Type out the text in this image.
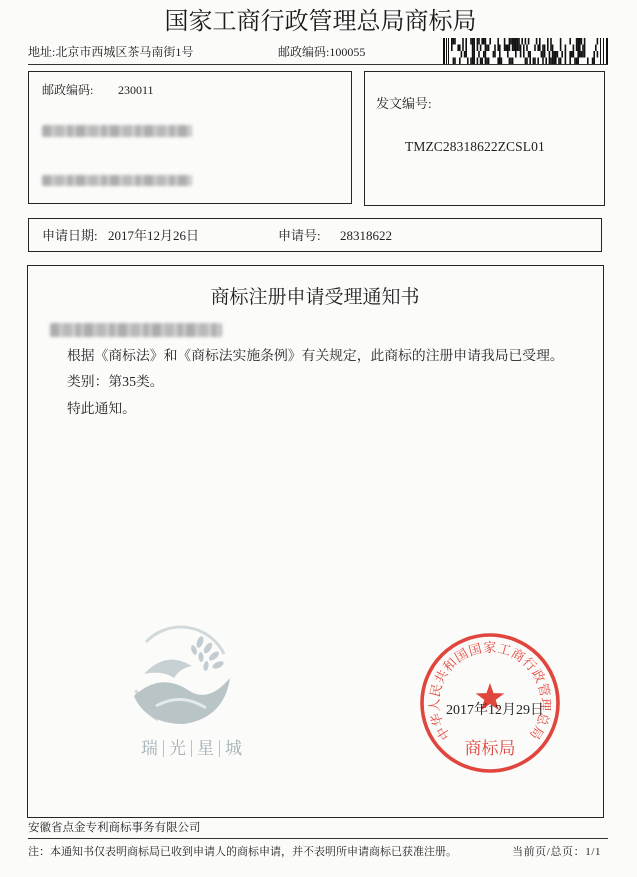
国家工商行政管理总局商标局
地址:北京市西城区茶马南街1号	邮政编码:100055
邮政编码: 230011
发文编号:
TMZC28318622ZCSL01
申请日期: 2017年12月26日	申请号: 28318622
商标注册申请受理通知书
根据《商标法》和《商标法实施条例》有关规定，此商标的注册申请我局已受理。
类别：第35类。
特此通知。
瑞 光 星 城
2017年12月29日
中华人民共和国国家工商行政管理总局
商标局
安徽省点金专利商标事务有限公司
注：本通知书仅表明商标局已收到申请人的商标申请，并不表明所申请商标已获准注册。	当前页/总页：1/1
